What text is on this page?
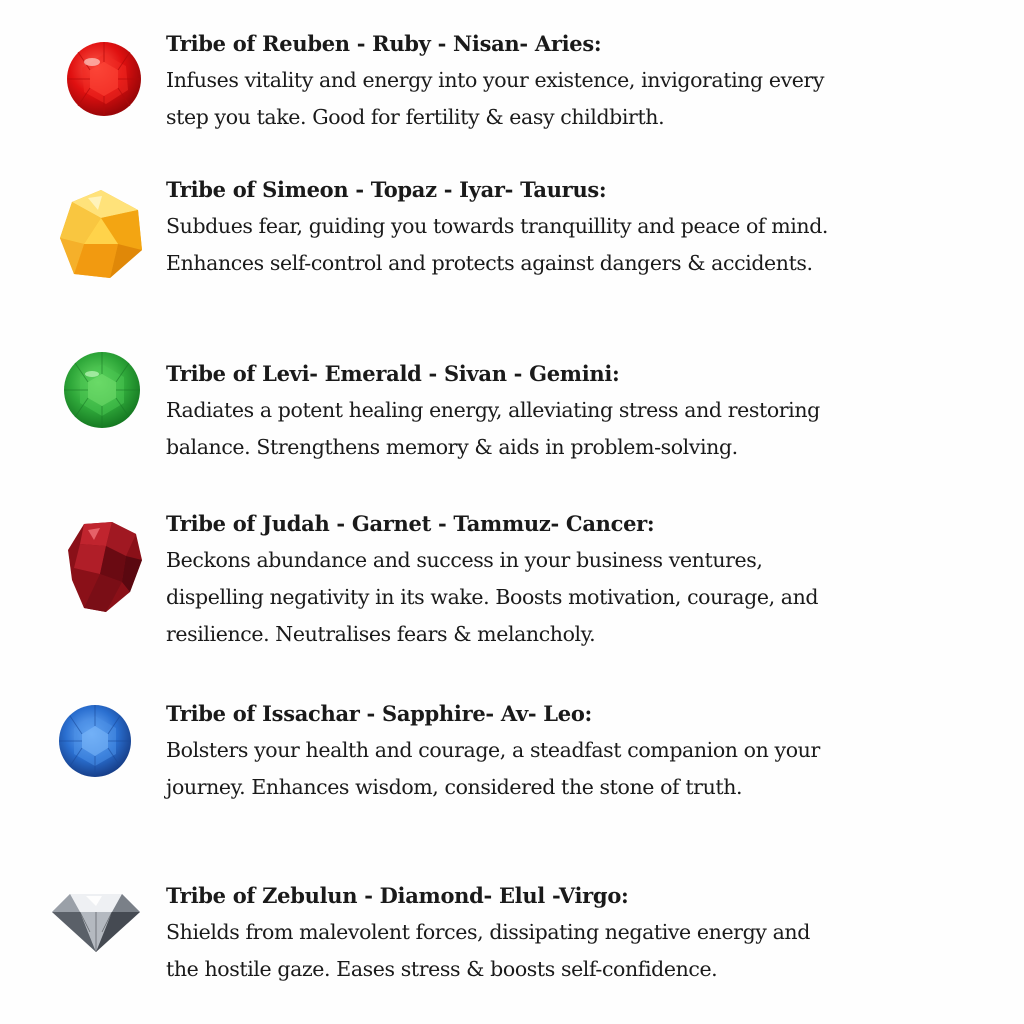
Tribe of Reuben - Ruby - Nisan- Aries:

Infuses vitality and energy into your existence, invigorating every
step you take. Good for fertility & easy childbirth.

Tribe of Simeon - Topaz - Iyar- Taurus:

Subdues fear, guiding you towards tranquillity and peace of mind.
Enhances self-control and protects against dangers & accidents.

Tribe of Levi- Emerald - Sivan - Gemini:

Radiates a potent healing energy, alleviating stress and restoring
balance. Strengthens memory & aids in problem-solving.

Tribe of Judah - Garnet - Tammuz- Cancer:

Beckons abundance and success in your business ventures,
dispelling negativity in its wake. Boosts motivation, courage, and
resilience. Neutralises fears & melancholy.

Tribe of Issachar - Sapphire- Av- Leo:

Bolsters your health and courage, a steadfast companion on your
journey. Enhances wisdom, considered the stone of truth.

Tribe of Zebulun - Diamond- Elul -Virgo:

Shields from malevolent forces, dissipating negative energy and
the hostile gaze. Eases stress & boosts self-confidence.
